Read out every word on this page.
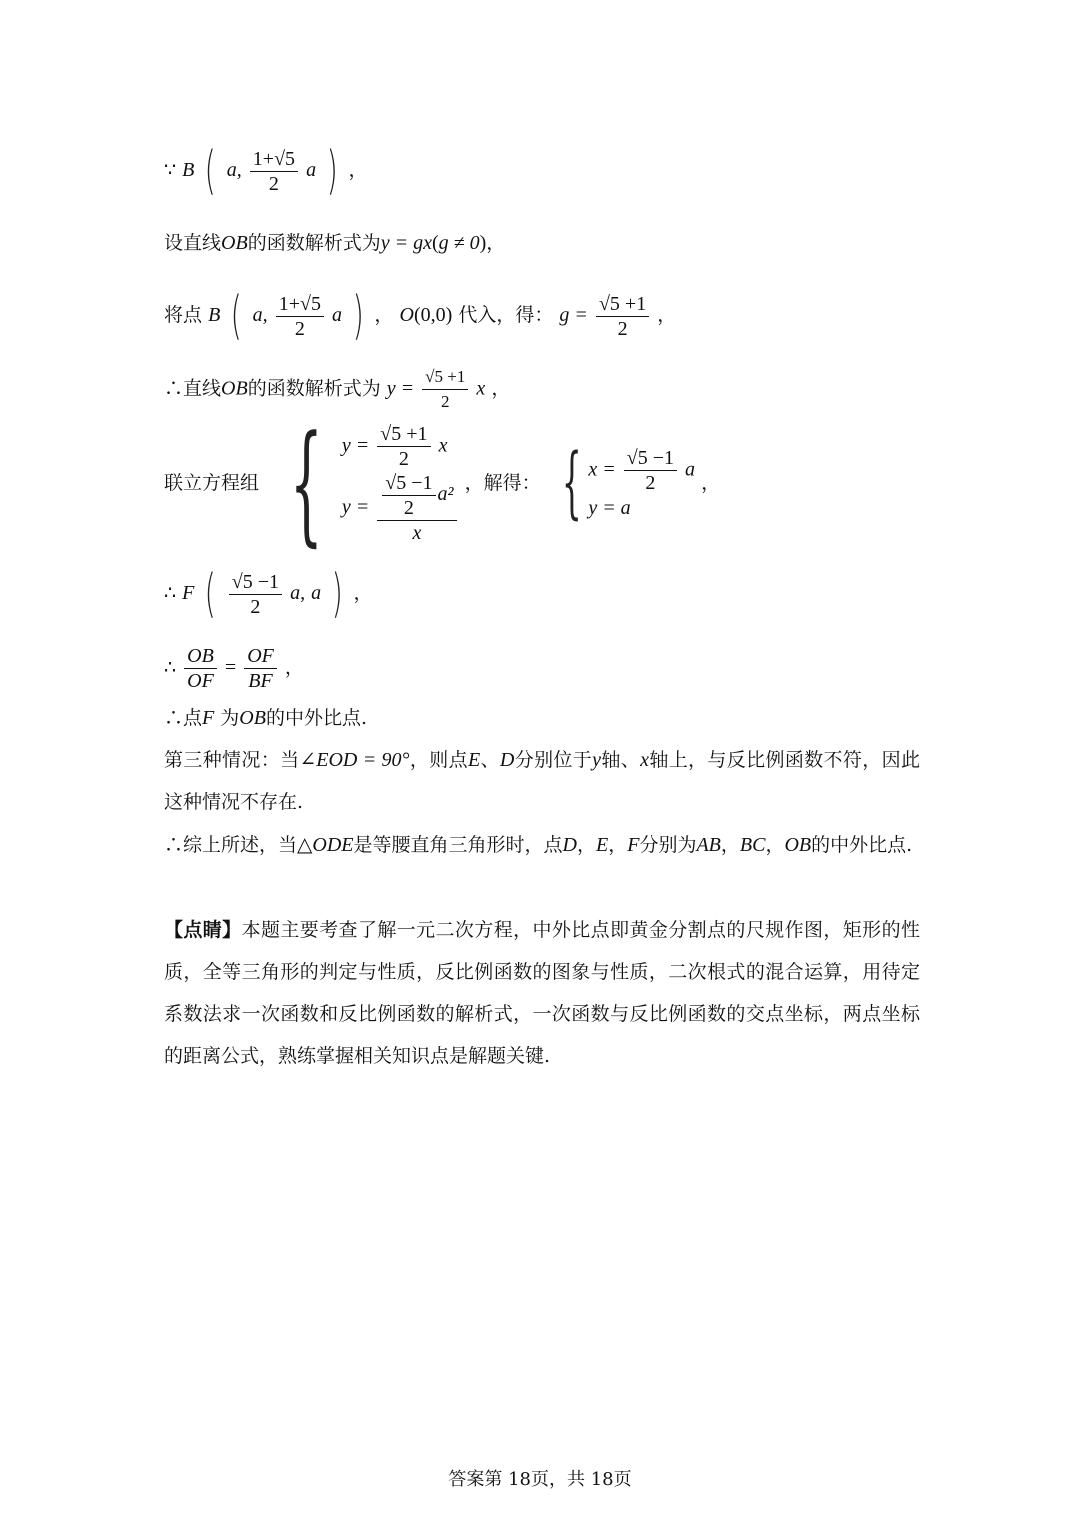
∵ B ( a, $\frac{1+√5}{2}$ a ) ，
设直线OB的函数解析式为y = gx(g ≠ 0)，
将点 B ( a, $\frac{1+√5}{2}$ a ) ， O(0,0) 代入，得： $g = \frac{√5 +1}{2}$ ，
∴直线OB的函数解析式为 $y = \frac{√5 +1}{2}$ x ，
联立方程组 { $y = \frac{√5 +1}{2}$ x
$y = \frac{\frac{√5 -1}{2} a^2}{x}$ ，解得： { $x = \frac{√5 -1}{2}$ a
y = a
，
∴ F ( $\frac{√5 -1}{2} a$, a ) ，
∴ $\frac{OB}{OF} = \frac{OF}{BF}$ ，
∴点F 为OB的中外比点.
第三种情况：当∠EOD = 90°，则点E、D分别位于y轴、x轴上，与反比例函数不符，因此这种情况不存在.
∴综上所述，当△ODE是等腰直角三角形时，点D，E，F分别为AB，BC，OB的中外比点.
【点睛】本题主要考查了解一元二次方程，中外比点即黄金分割点的尺规作图，矩形的性质，全等三角形的判定与性质，反比例函数的图象与性质，二次根式的混合运算，用待定系数法求一次函数和反比例函数的解析式，一次函数与反比例函数的交点坐标，两点坐标的距离公式，熟练掌握相关知识点是解题关键.
答案第 18页，共 18页
